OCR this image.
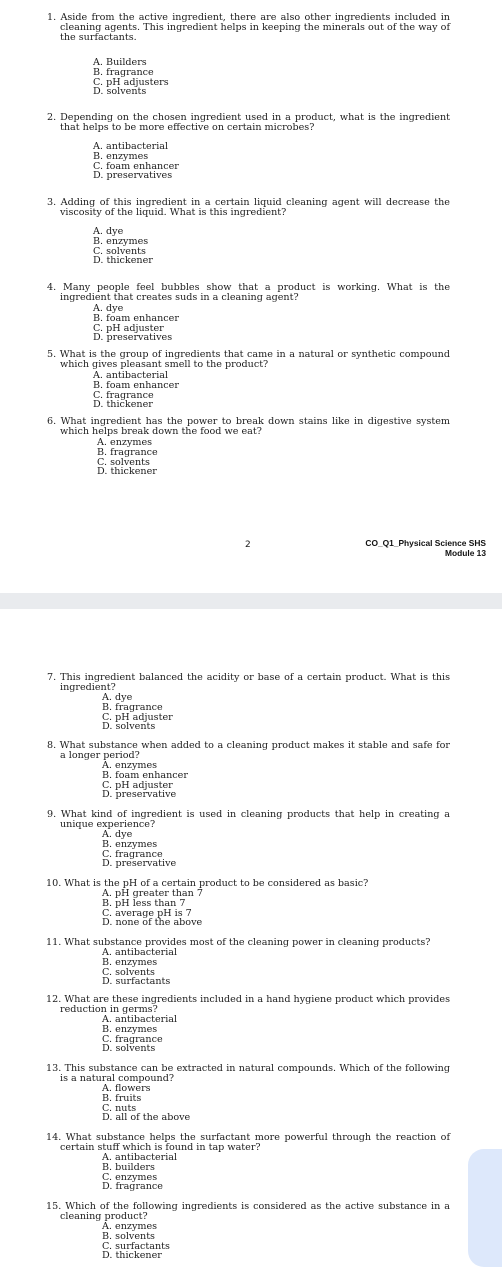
1. Aside from the active ingredient, there are also other ingredients included in cleaning agents. This ingredient helps in keeping the minerals out of the way of the surfactants.
A. Builders
B. fragrance
C. pH adjusters
D. solvents
2. Depending on the chosen ingredient used in a product, what is the ingredient that helps to be more effective on certain microbes?
A. antibacterial
B. enzymes
C. foam enhancer
D. preservatives
3. Adding of this ingredient in a certain liquid cleaning agent will decrease the viscosity of the liquid. What is this ingredient?
A. dye
B. enzymes
C. solvents
D. thickener
4. Many people feel bubbles show that a product is working. What is the ingredient that creates suds in a cleaning agent?
A. dye
B. foam enhancer
C. pH adjuster
D. preservatives
5. What is the group of ingredients that came in a natural or synthetic compound which gives pleasant smell to the product?
A. antibacterial
B. foam enhancer
C. fragrance
D. thickener
6. What ingredient has the power to break down stains like in digestive system which helps break down the food we eat?
A. enzymes
B. fragrance
C. solvents
D. thickener
2	CO_Q1_Physical Science SHS
Module 13
7. This ingredient balanced the acidity or base of a certain product. What is this ingredient?
A. dye
B. fragrance
C. pH adjuster
D. solvents
8. What substance when added to a cleaning product makes it stable and safe for a longer period?
A. enzymes
B. foam enhancer
C. pH adjuster
D. preservative
9. What kind of ingredient is used in cleaning products that help in creating a unique experience?
A. dye
B. enzymes
C. fragrance
D. preservative
10. What is the pH of a certain product to be considered as basic?
A. pH greater than 7
B. pH less than 7
C. average pH is 7
D. none of the above
11. What substance provides most of the cleaning power in cleaning products?
A. antibacterial
B. enzymes
C. solvents
D. surfactants
12. What are these ingredients included in a hand hygiene product which provides reduction in germs?
A. antibacterial
B. enzymes
C. fragrance
D. solvents
13. This substance can be extracted in natural compounds. Which of the following is a natural compound?
A. flowers
B. fruits
C. nuts
D. all of the above
14. What substance helps the surfactant more powerful through the reaction of certain stuff which is found in tap water?
A. antibacterial
B. builders
C. enzymes
D. fragrance
15. Which of the following ingredients is considered as the active substance in a cleaning product?
A. enzymes
B. solvents
C. surfactants
D. thickener
